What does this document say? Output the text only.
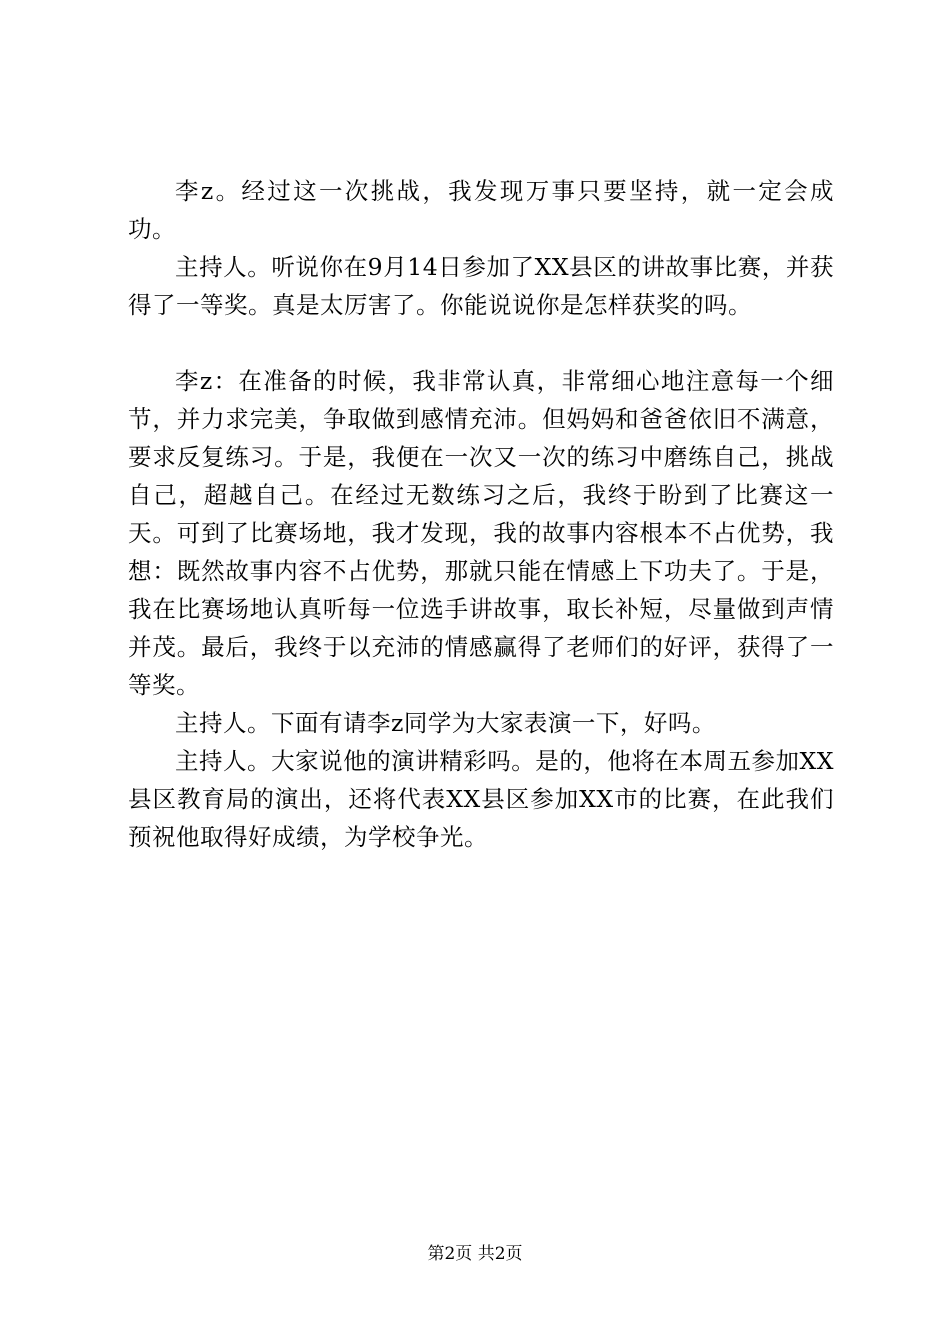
李z。经过这一次挑战，我发现万事只要坚持，就一定会成功。

主持人。听说你在9月14日参加了XX县区的讲故事比赛，并获得了一等奖。真是太厉害了。你能说说你是怎样获奖的吗。

李z：在准备的时候，我非常认真，非常细心地注意每一个细节，并力求完美，争取做到感情充沛。但妈妈和爸爸依旧不满意，要求反复练习。于是，我便在一次又一次的练习中磨练自己，挑战自己，超越自己。在经过无数练习之后，我终于盼到了比赛这一天。可到了比赛场地，我才发现，我的故事内容根本不占优势，我想：既然故事内容不占优势，那就只能在情感上下功夫了。于是，我在比赛场地认真听每一位选手讲故事，取长补短，尽量做到声情并茂。最后，我终于以充沛的情感赢得了老师们的好评，获得了一等奖。

主持人。下面有请李z同学为大家表演一下，好吗。

主持人。大家说他的演讲精彩吗。是的，他将在本周五参加XX县区教育局的演出，还将代表XX县区参加XX市的比赛，在此我们预祝他取得好成绩，为学校争光。

第2页 共2页
